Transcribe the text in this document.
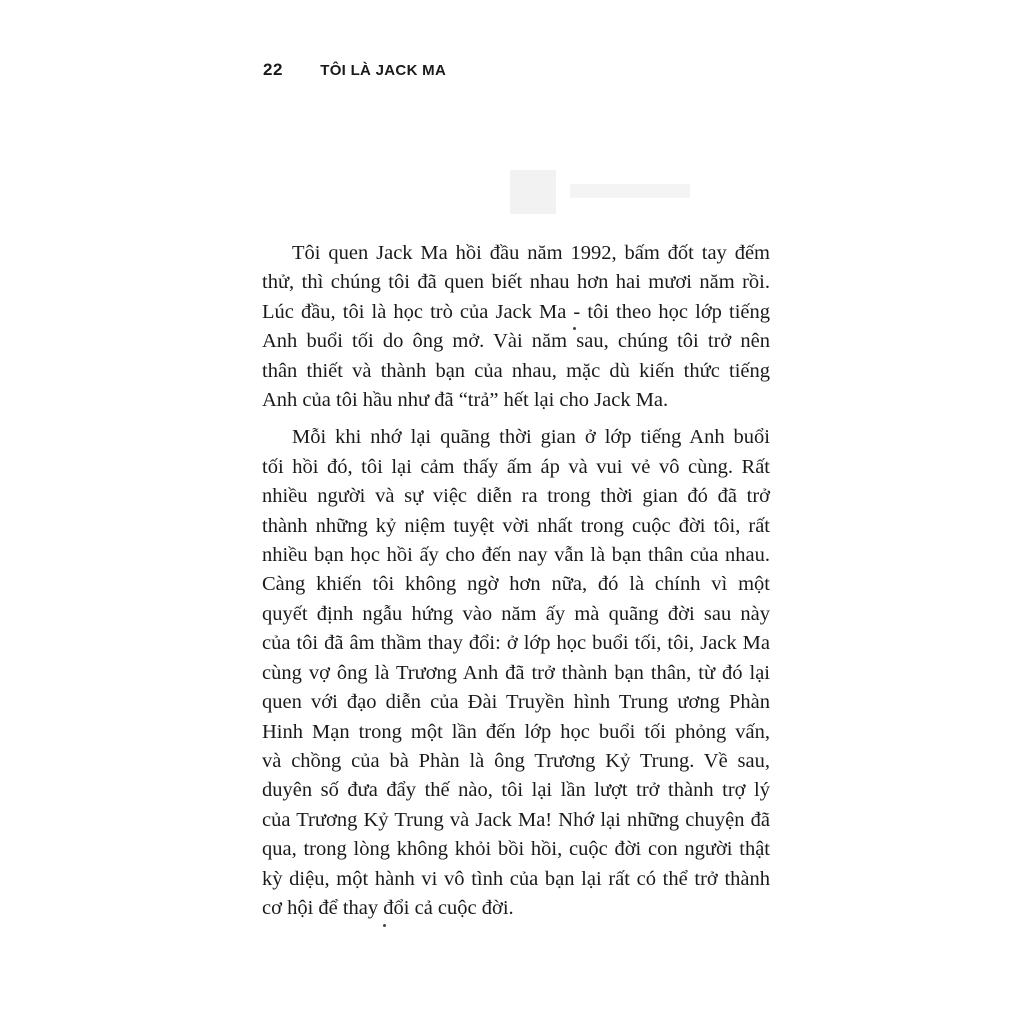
22 TÔI LÀ JACK MA
Tôi quen Jack Ma hồi đầu năm 1992, bấm đốt tay đếm
thử, thì chúng tôi đã quen biết nhau hơn hai mươi năm rồi.
Lúc đầu, tôi là học trò của Jack Ma - tôi theo học lớp tiếng
Anh buổi tối do ông mở. Vài năm sau, chúng tôi trở nên
thân thiết và thành bạn của nhau, mặc dù kiến thức tiếng
Anh của tôi hầu như đã “trả” hết lại cho Jack Ma.
Mỗi khi nhớ lại quãng thời gian ở lớp tiếng Anh buổi
tối hồi đó, tôi lại cảm thấy ấm áp và vui vẻ vô cùng. Rất
nhiều người và sự việc diễn ra trong thời gian đó đã trở
thành những kỷ niệm tuyệt vời nhất trong cuộc đời tôi, rất
nhiều bạn học hồi ấy cho đến nay vẫn là bạn thân của nhau.
Càng khiến tôi không ngờ hơn nữa, đó là chính vì một
quyết định ngẫu hứng vào năm ấy mà quãng đời sau này
của tôi đã âm thầm thay đổi: ở lớp học buổi tối, tôi, Jack Ma
cùng vợ ông là Trương Anh đã trở thành bạn thân, từ đó lại
quen với đạo diễn của Đài Truyền hình Trung ương Phàn
Hinh Mạn trong một lần đến lớp học buổi tối phỏng vấn,
và chồng của bà Phàn là ông Trương Kỷ Trung. Về sau,
duyên số đưa đẩy thế nào, tôi lại lần lượt trở thành trợ lý
của Trương Kỷ Trung và Jack Ma! Nhớ lại những chuyện đã
qua, trong lòng không khỏi bồi hồi, cuộc đời con người thật
kỳ diệu, một hành vi vô tình của bạn lại rất có thể trở thành
cơ hội để thay đổi cả cuộc đời.
